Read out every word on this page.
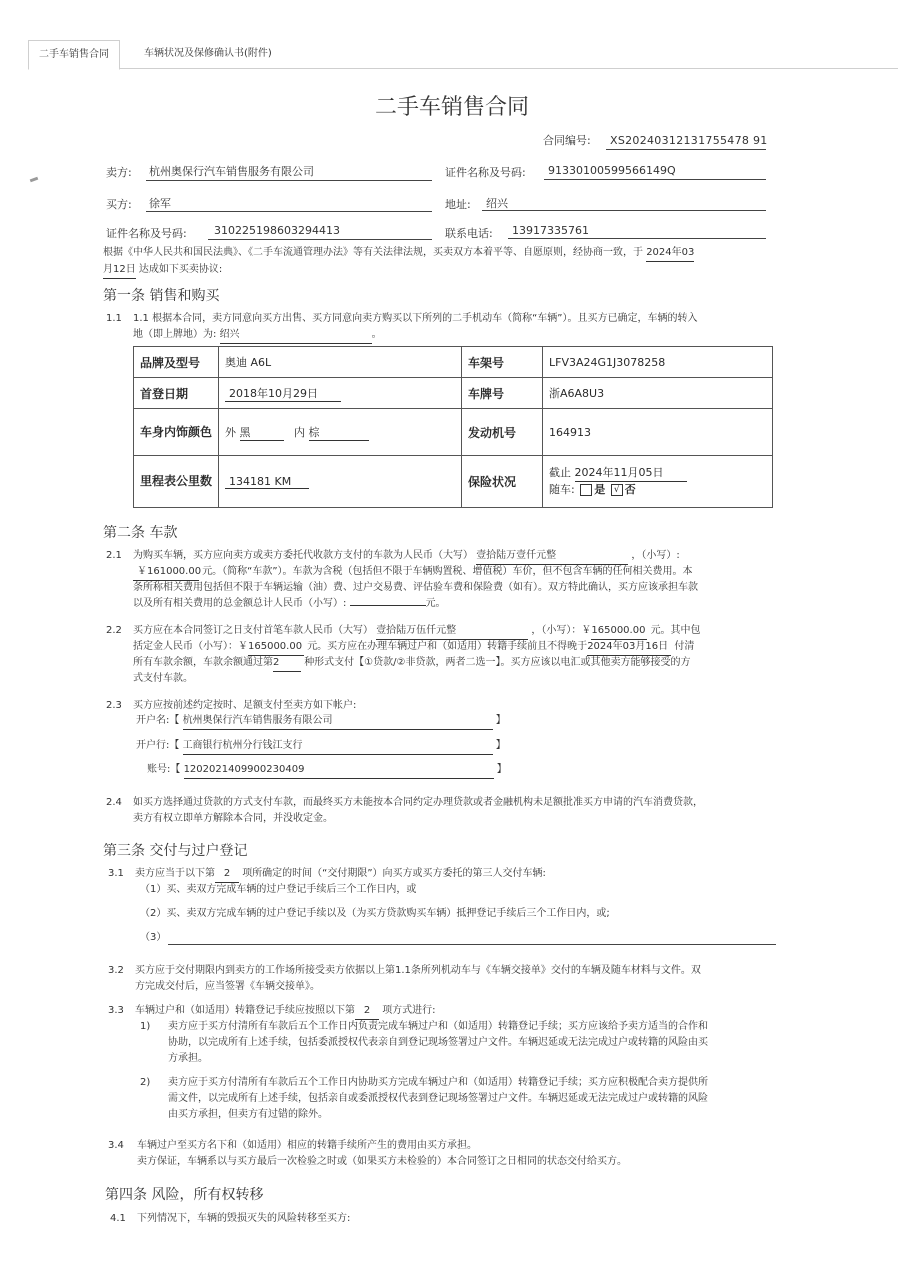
二手车销售合同	车辆状况及保修确认书(附件)
二手车销售合同
合同编号: XS20240312131755478 91
卖方: 杭州奥保行汽车销售服务有限公司	证件名称及号码: 91330100599566149Q
买方: 徐军	地址: 绍兴
证件名称及号码: 310225198603294413	联系电话: 13917335761
根据《中华人民共和国民法典》、《二手车流通管理办法》等有关法律法规，买卖双方本着平等、自愿原则，经协商一致，于 2024年03
月12日 达成如下买卖协议:
第一条 销售和购买
1.1 1.1 根据本合同，卖方同意向买方出售、买方同意向卖方购买以下所列的二手机动车（简称“车辆”）。且买方已确定，车辆的转入
地（即上牌地）为: 绍兴	。
品牌及型号	奥迪 A6L	车架号	LFV3A24G1J3078258
首登日期	2018年10月29日	车牌号	浙A6A8U3
车身内饰颜色	外 黑 内 棕	发动机号	164913
里程表公里数	134181 KM	保险状况	截止 2024年11月05日
随车: 是 √ 否
第二条 车款
2.1 为购买车辆，买方应向卖方或卖方委托代收款方支付的车款为人民币（大写） 壹拾陆万壹仟元整	，（小写）:
￥161000.00 元。（简称“车款”）。车款为含税（包括但不限于车辆购置税、增值税）车价，但不包含车辆的任何相关费用。本
条所称相关费用包括但不限于车辆运输（油）费、过户交易费、评估验车费和保险费（如有）。双方特此确认，买方应该承担车款
以及所有相关费用的总金额总计人民币（小写）:	元。
2.2 买方应在本合同签订之日支付首笔车款人民币（大写） 壹拾陆万伍仟元整	，（小写）：￥165000.00 元。其中包
括定金人民币（小写）：￥165000.00 元。买方应在办理车辆过户和（如适用）转籍手续前且不得晚于2024年03月16日 付清
所有车款余额，车款余额通过第2 种形式支付【①贷款/②非贷款，两者二选一】。买方应该以电汇或其他卖方能够接受的方
式支付车款。
2.3 买方应按前述约定按时、足额支付至卖方如下帐户:
开户名:【 杭州奥保行汽车销售服务有限公司	】
开户行:【 工商银行杭州分行钱江支行	】
账号:【 1202021409900230409	】
2.4 如买方选择通过贷款的方式支付车款，而最终买方未能按本合同约定办理贷款或者金融机构未足额批准买方申请的汽车消费贷款，
卖方有权立即单方解除本合同，并没收定金。
第三条 交付与过户登记
3.1 卖方应当于以下第 2 项所确定的时间（“交付期限”）向买方或买方委托的第三人交付车辆:
（1）买、卖双方完成车辆的过户登记手续后三个工作日内，或
（2）买、卖双方完成车辆的过户登记手续以及（为买方贷款购买车辆）抵押登记手续后三个工作日内，或;
（3）
3.2 买方应于交付期限内到卖方的工作场所接受卖方依据以上第1.1条所列机动车与《车辆交接单》交付的车辆及随车材料与文件。双
方完成交付后，应当签署《车辆交接单》。
3.3 车辆过户和（如适用）转籍登记手续应按照以下第 2 项方式进行:
1) 卖方应于买方付清所有车款后五个工作日内负责完成车辆过户和（如适用）转籍登记手续；买方应该给予卖方适当的合作和
协助，以完成所有上述手续，包括委派授权代表亲自到登记现场签署过户文件。车辆迟延或无法完成过户或转籍的风险由买
方承担。
2) 卖方应于买方付清所有车款后五个工作日内协助买方完成车辆过户和（如适用）转籍登记手续；买方应积极配合卖方提供所
需文件，以完成所有上述手续，包括亲自或委派授权代表到登记现场签署过户文件。车辆迟延或无法完成过户或转籍的风险
由买方承担，但卖方有过错的除外。
3.4 车辆过户至买方名下和（如适用）相应的转籍手续所产生的费用由买方承担。
卖方保证，车辆系以与买方最后一次检验之时或（如果买方未检验的）本合同签订之日相同的状态交付给买方。
第四条 风险，所有权转移
4.1 下列情况下，车辆的毁损灭失的风险转移至买方:
